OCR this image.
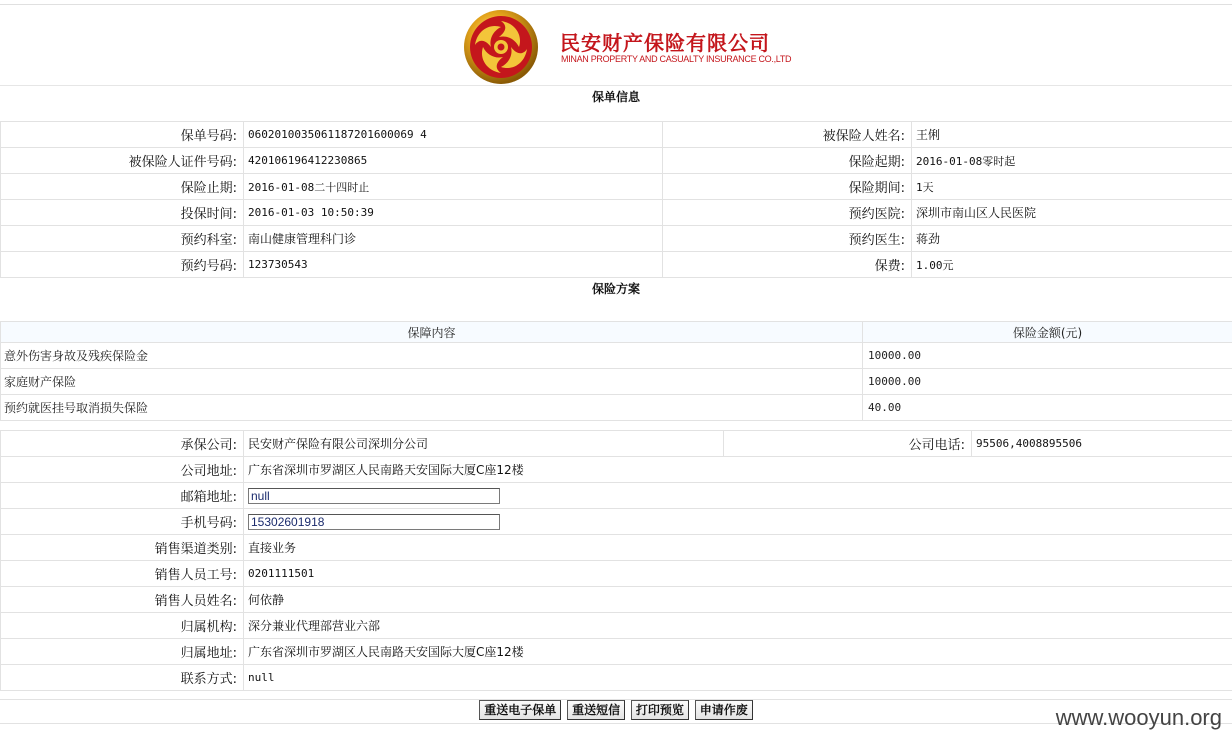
民安财产保险有限公司
MINAN PROPERTY AND CASUALTY INSURANCE CO.,LTD
保单信息
保单号码:	0602010035061187201600069 4	被保险人姓名:	王俐
被保险人证件号码:	420106196412230865	保险起期:	2016-01-08零时起
保险止期:	2016-01-08二十四时止	保险期间:	1天
投保时间:	2016-01-03 10:50:39	预约医院:	深圳市南山区人民医院
预约科室:	南山健康管理科门诊	预约医生:	蒋劲
预约号码:	123730543	保费:	1.00元
保险方案
保障内容	保险金额(元)
意外伤害身故及残疾保险金	10000.00
家庭财产保险	10000.00
预约就医挂号取消损失保险	40.00
承保公司:	民安财产保险有限公司深圳分公司	公司电话:	95506,4008895506
公司地址:	广东省深圳市罗湖区人民南路天安国际大厦C座12楼		
邮箱地址:	null
手机号码:	15302601918
销售渠道类别:	直接业务		
销售人员工号:	0201111501		
销售人员姓名:	何依静		
归属机构:	深分兼业代理部营业六部		
归属地址:	广东省深圳市罗湖区人民南路天安国际大厦C座12楼		
联系方式:	null		
重送电子保单 重送短信 打印预览 申请作废	www.wooyun.org
